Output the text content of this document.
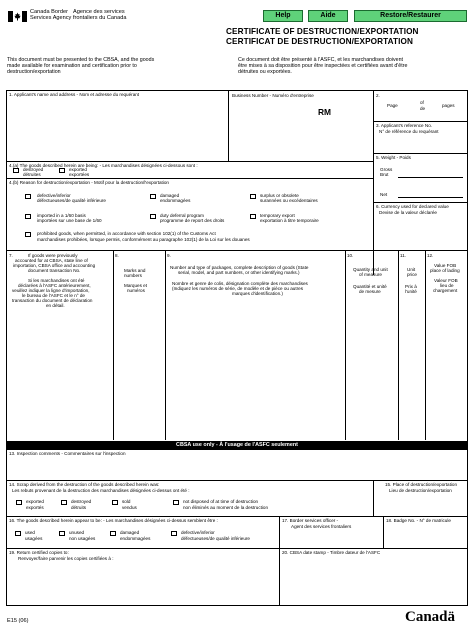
Help	Aide	Restore/Restaurer
Canada Border
Services Agency
Agence des services
frontaliers du Canada
CERTIFICATE OF DESTRUCTION/EXPORTATION
CERTIFICAT DE DESTRUCTION/EXPORTATION
This document must be presented to the CBSA, and the goods
made available for examination and certification prior to
destruction/exportation
Ce document doit être présenté à l'ASFC, et les marchandises doivent
être mises à sa disposition pour être inspectées et certifiées avant d'être
détruites ou exportées.
1. Applicant's name and address - Nom et adresse du requérant	Business Number - Numéro d'entreprise
RM
2.
Page
of
de
pages
3. Applicant's reference No.
N° de référence du requérant
4.(a) The goods described herein are being: - Les marchandises désignées ci-dessous sont :
destroyed
détruites
exported
exportées
4.(b) Reason for destruction/exportation - Motif pour la destruction/l'exportation
defective/inferior
défectueuses/de qualité inférieure
damaged
endommagées
surplus or obsolete
surannées ou excédentaires
imported in a 1/60 basis
importées sur une base de 1/60
duty deferral program
programme de report des droits
temporary export
exportation à titre temporaire
prohibited goods, when permitted, in accordance with section 102(1) of the Customs Act
marchandises prohibées, lorsque permis, conformément au paragraphe 102(1) de la Loi sur les douanes
5. Weight - Poids
Gross
Brut
Net
6. Currency used for declared value
Devise de la valeur déclarée
7.	If goods were previously
accounted for at CBSA, state line of
importation, CBSA office and accounting
document transaction No.
Si les marchandises ont été
déclarées à l'ASFC antérieurement,
veuillez indiquer la ligne d'importation,
le bureau de l'ASFC et le n° de
transaction du document de déclaration
en détail.
8.
Marks and
numbers
Marques et
numéros
9.
Number and type of packages, complete description of goods (State
serial, model, and part numbers, or other identifying marks.)
Nombre et genre de colis, désignation complète des marchandises
(Indiquez les numéros de série, de modèle et de pièce ou autres
marques d'identification.)
10.
Quantity and unit
of measure
Quantité et unité
de mesure
11.
Unit
price
Prix à
l'unité
12.
Value FOB
place of lading
Valeur FOB
lieu de
chargement
CBSA use only - À l'usage de l'ASFC seulement
13. Inspection comments - Commentaires sur l'inspection
14. Scrap derived from the destruction of the goods described herein was:
Les rebuts provenant de la destruction des marchandises désignées ci-dessus ont été :
exported
exportés
destroyed
détruits
sold
vendus
not disposed of at time of destruction
non éliminés au moment de la destruction
15. Place of destruction/exportation
Lieu de destruction/exportation
16. The goods described herein appear to be: - Les marchandises désignées ci-dessus semblent être :
used
usagées
unused
non usagées
damaged
endommagées
defective/inferior
défectueuses/de qualité inférieure
17. Border services officer -
Agent des services frontaliers
18. Badge No. - N° de matricule
19. Return certified copies to:
Renvoyer/faire parvenir les copies certifiées à :
20. CBSA date stamp - Timbre dateur de l'ASFC
E15 (06)	Canadä
